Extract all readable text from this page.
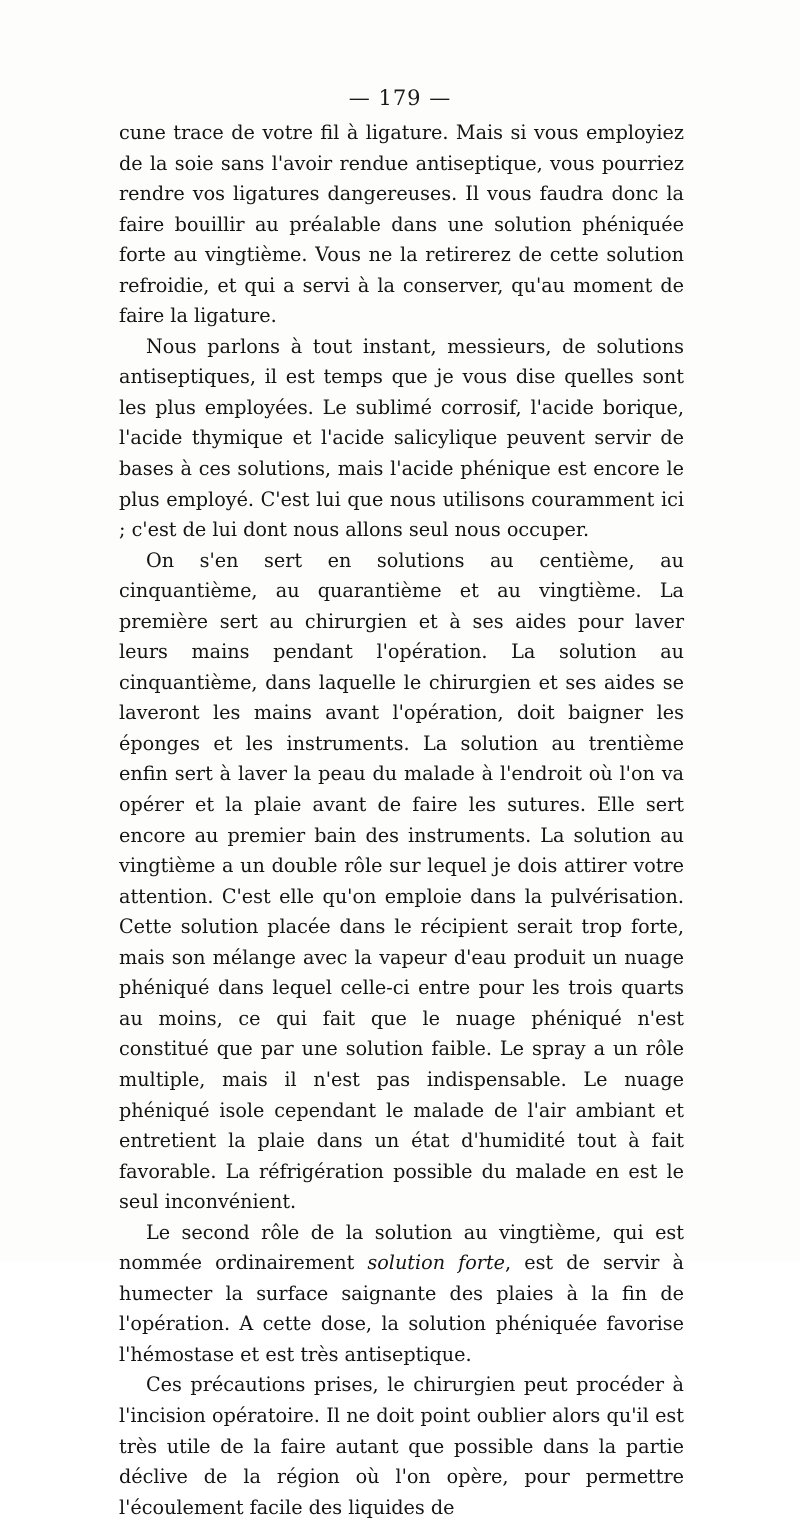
— 179 —

cune trace de votre fil à ligature. Mais si vous employiez de la soie sans l'avoir rendue antiseptique, vous pourriez rendre vos ligatures dangereuses. Il vous faudra donc la faire bouillir au préalable dans une solution phéniquée forte au vingtième. Vous ne la retirerez de cette solution refroidie, et qui a servi à la conserver, qu'au moment de faire la ligature.

Nous parlons à tout instant, messieurs, de solutions antiseptiques, il est temps que je vous dise quelles sont les plus employées. Le sublimé corrosif, l'acide borique, l'acide thymique et l'acide salicylique peuvent servir de bases à ces solutions, mais l'acide phénique est encore le plus employé. C'est lui que nous utilisons couramment ici ; c'est de lui dont nous allons seul nous occuper.

On s'en sert en solutions au centième, au cinquantième, au quarantième et au vingtième. La première sert au chirurgien et à ses aides pour laver leurs mains pendant l'opération. La solution au cinquantième, dans laquelle le chirurgien et ses aides se laveront les mains avant l'opération, doit baigner les éponges et les instruments. La solution au trentième enfin sert à laver la peau du malade à l'endroit où l'on va opérer et la plaie avant de faire les sutures. Elle sert encore au premier bain des instruments. La solution au vingtième a un double rôle sur lequel je dois attirer votre attention. C'est elle qu'on emploie dans la pulvérisation. Cette solution placée dans le récipient serait trop forte, mais son mélange avec la vapeur d'eau produit un nuage phéniqué dans lequel celle-ci entre pour les trois quarts au moins, ce qui fait que le nuage phéniqué n'est constitué que par une solution faible. Le spray a un rôle multiple, mais il n'est pas indispensable. Le nuage phéniqué isole cependant le malade de l'air ambiant et entretient la plaie dans un état d'humidité tout à fait favorable. La réfrigération possible du malade en est le seul inconvénient.

Le second rôle de la solution au vingtième, qui est nommée ordinairement solution forte, est de servir à humecter la surface saignante des plaies à la fin de l'opération. A cette dose, la solution phéniquée favorise l'hémostase et est très antiseptique.

Ces précautions prises, le chirurgien peut procéder à l'incision opératoire. Il ne doit point oublier alors qu'il est très utile de la faire autant que possible dans la partie déclive de la région où l'on opère, pour permettre l'écoulement facile des liquides de
